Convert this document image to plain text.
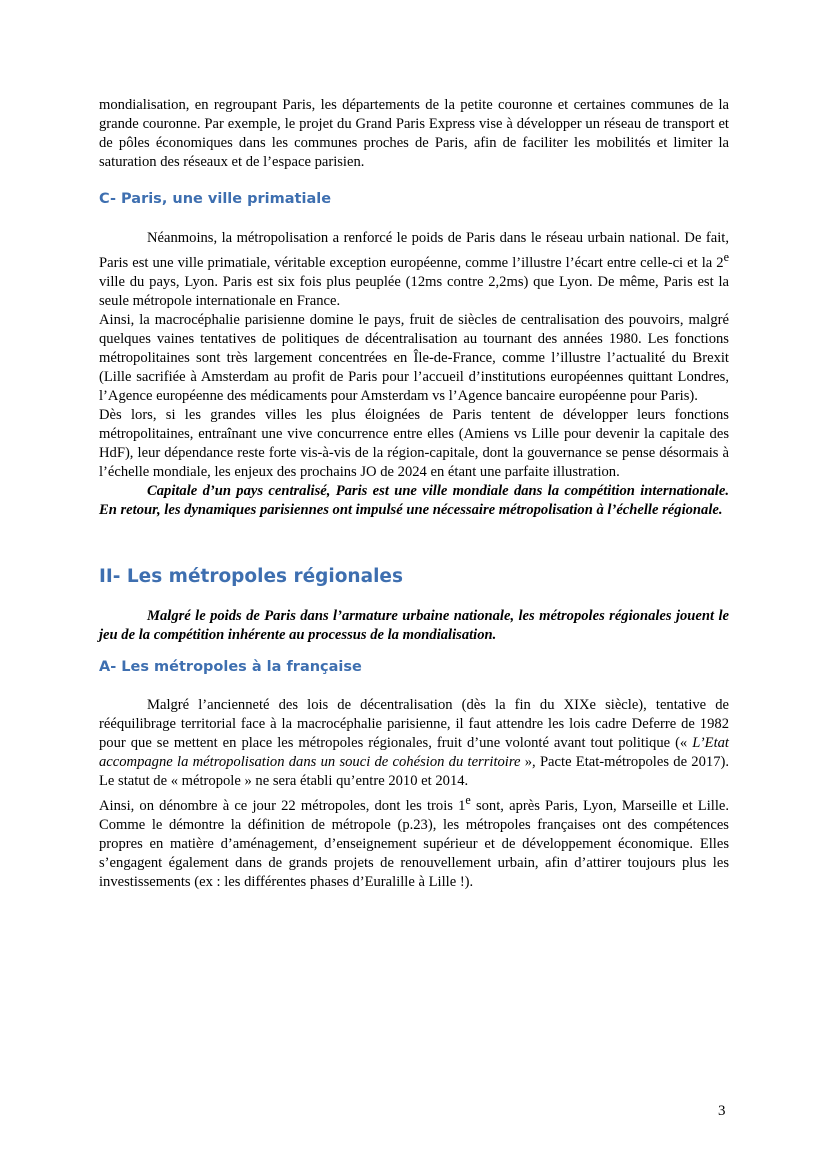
mondialisation, en regroupant Paris, les départements de la petite couronne et certaines communes de la grande couronne. Par exemple, le projet du Grand Paris Express vise à développer un réseau de transport et de pôles économiques dans les communes proches de Paris, afin de faciliter les mobilités et limiter la saturation des réseaux et de l’espace parisien.

C- Paris, une ville primatiale

Néanmoins, la métropolisation a renforcé le poids de Paris dans le réseau urbain national. De fait, Paris est une ville primatiale, véritable exception européenne, comme l’illustre l’écart entre celle-ci et la 2e ville du pays, Lyon. Paris est six fois plus peuplée (12ms contre 2,2ms) que Lyon. De même, Paris est la seule métropole internationale en France.

Ainsi, la macrocéphalie parisienne domine le pays, fruit de siècles de centralisation des pouvoirs, malgré quelques vaines tentatives de politiques de décentralisation au tournant des années 1980. Les fonctions métropolitaines sont très largement concentrées en Île-de-France, comme l’illustre l’actualité du Brexit (Lille sacrifiée à Amsterdam au profit de Paris pour l’accueil d’institutions européennes quittant Londres, l’Agence européenne des médicaments pour Amsterdam vs l’Agence bancaire européenne pour Paris).

Dès lors, si les grandes villes les plus éloignées de Paris tentent de développer leurs fonctions métropolitaines, entraînant une vive concurrence entre elles (Amiens vs Lille pour devenir la capitale des HdF), leur dépendance reste forte vis-à-vis de la région-capitale, dont la gouvernance se pense désormais à l’échelle mondiale, les enjeux des prochains JO de 2024 en étant une parfaite illustration.

Capitale d’un pays centralisé, Paris est une ville mondiale dans la compétition internationale. En retour, les dynamiques parisiennes ont impulsé une nécessaire métropolisation à l’échelle régionale.

II- Les métropoles régionales

Malgré le poids de Paris dans l’armature urbaine nationale, les métropoles régionales jouent le jeu de la compétition inhérente au processus de la mondialisation.

A- Les métropoles à la française

Malgré l’ancienneté des lois de décentralisation (dès la fin du XIXe siècle), tentative de rééquilibrage territorial face à la macrocéphalie parisienne, il faut attendre les lois cadre Deferre de 1982 pour que se mettent en place les métropoles régionales, fruit d’une volonté avant tout politique (« L’Etat accompagne la métropolisation dans un souci de cohésion du territoire », Pacte Etat-métropoles de 2017). Le statut de « métropole » ne sera établi qu’entre 2010 et 2014.

Ainsi, on dénombre à ce jour 22 métropoles, dont les trois 1e sont, après Paris, Lyon, Marseille et Lille. Comme le démontre la définition de métropole (p.23), les métropoles françaises ont des compétences propres en matière d’aménagement, d’enseignement supérieur et de développement économique. Elles s’engagent également dans de grands projets de renouvellement urbain, afin d’attirer toujours plus les investissements (ex : les différentes phases d’Euralille à Lille !).

3
